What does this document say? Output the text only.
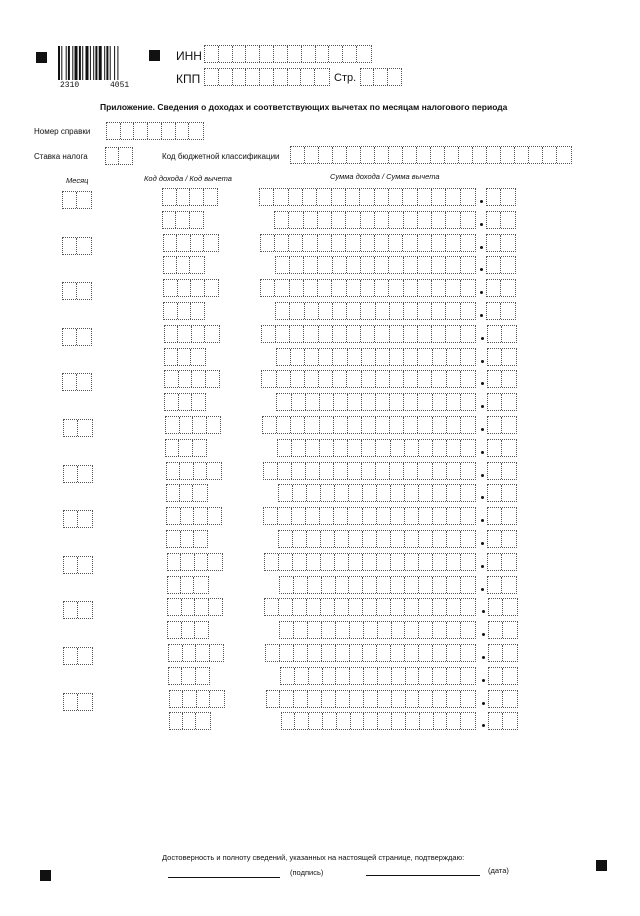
2310	4051
ИНН
КПП	Стр.
Приложение. Сведения о доходах и соответствующих вычетах по месяцам налогового периода
Номер справки
Ставка налога	Код бюджетной классификации
Месяц	Код дохода / Код вычета	Сумма дохода / Сумма вычета
Достоверность и полноту сведений, указанных на настоящей странице, подтверждаю:
(подпись)	(дата)
